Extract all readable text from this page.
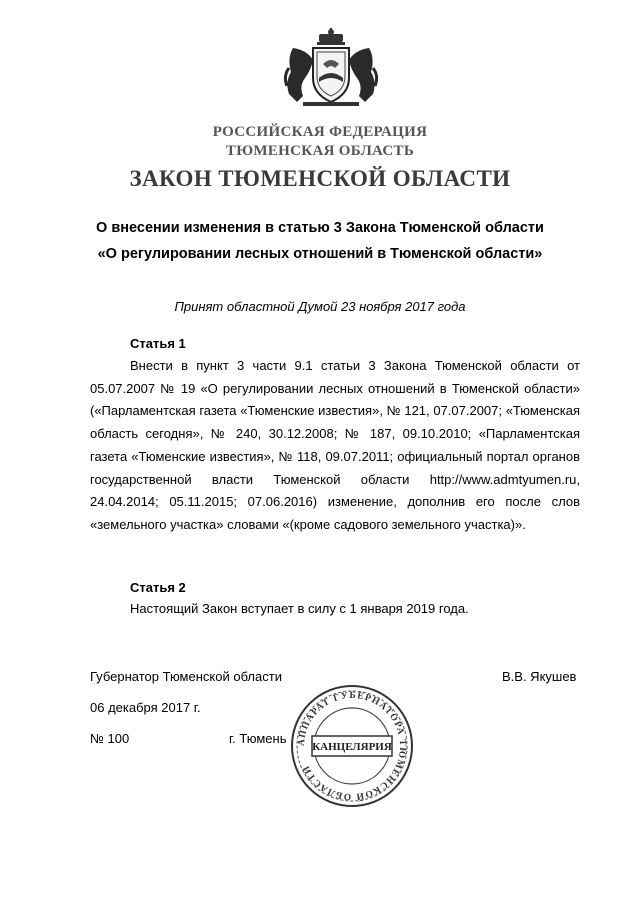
РОССИЙСКАЯ ФЕДЕРАЦИЯ
ТЮМЕНСКАЯ ОБЛАСТЬ
ЗАКОН ТЮМЕНСКОЙ ОБЛАСТИ
О внесении изменения в статью 3 Закона Тюменской области
«О регулировании лесных отношений в Тюменской области»
Принят областной Думой 23 ноября 2017 года
Статья 1
Внести в пункт 3 части 9.1 статьи 3 Закона Тюменской области от 05.07.2007 № 19 «О регулировании лесных отношений в Тюменской области» («Парламентская газета «Тюменские известия», № 121, 07.07.2007; «Тюменская область сегодня», № 240, 30.12.2008; № 187, 09.10.2010; «Парламентская газета «Тюменские известия», № 118, 09.07.2011; официальный портал органов государственной власти Тюменской области http://www.admtyumen.ru, 24.04.2014; 05.11.2015; 07.06.2016) изменение, дополнив его после слов «земельного участка» словами «(кроме садового земельного участка)».
Статья 2
Настоящий Закон вступает в силу с 1 января 2019 года.
Губернатор Тюменской области	В.В. Якушев
06 декабря 2017 г.
№ 100	г. Тюмень АППАРАТ ГУБЕРНАТОРА ТЮМЕНСКОЙ ОБЛАСТИ
КАНЦЕЛЯРИЯ
